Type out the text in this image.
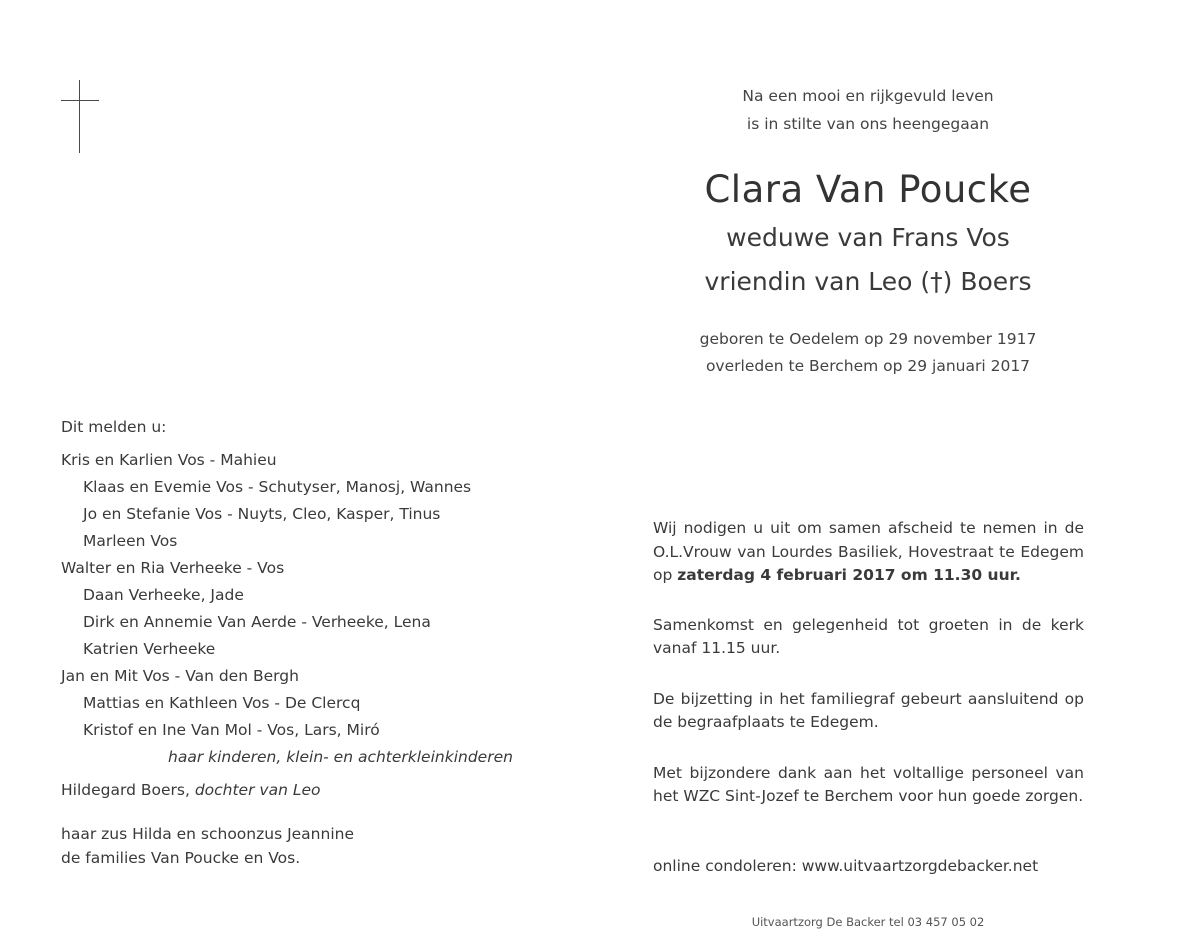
Na een mooi en rijkgevuld leven

is in stilte van ons heengegaan

Clara Van Poucke

weduwe van Frans Vos

vriendin van Leo (†) Boers

geboren te Oedelem op 29 november 1917

overleden te Berchem op 29 januari 2017

Dit melden u:
Kris en Karlien Vos - Mahieu
Klaas en Evemie Vos - Schutyser, Manosj, Wannes
Jo en Stefanie Vos - Nuyts, Cleo, Kasper, Tinus
Marleen Vos
Walter en Ria Verheeke - Vos
Daan Verheeke, Jade
Dirk en Annemie Van Aerde - Verheeke, Lena
Katrien Verheeke
Jan en Mit Vos - Van den Bergh
Mattias en Kathleen Vos - De Clercq
Kristof en Ine Van Mol - Vos, Lars, Miró
haar kinderen, klein- en achterkleinkinderen
Hildegard Boers, dochter van Leo
haar zus Hilda en schoonzus Jeannine
de families Van Poucke en Vos.

Wij nodigen u uit om samen afscheid te nemen in de O.L.Vrouw van Lourdes Basiliek, Hovestraat te Edegem op zaterdag 4 februari 2017 om 11.30 uur.

Samenkomst en gelegenheid tot groeten in de kerk vanaf 11.15 uur.

De bijzetting in het familiegraf gebeurt aansluitend op de begraafplaats te Edegem.

Met bijzondere dank aan het voltallige personeel van het WZC Sint-Jozef te Berchem voor hun goede zorgen.

online condoleren: www.uitvaartzorgdebacker.net

Uitvaartzorg De Backer tel 03 457 05 02
